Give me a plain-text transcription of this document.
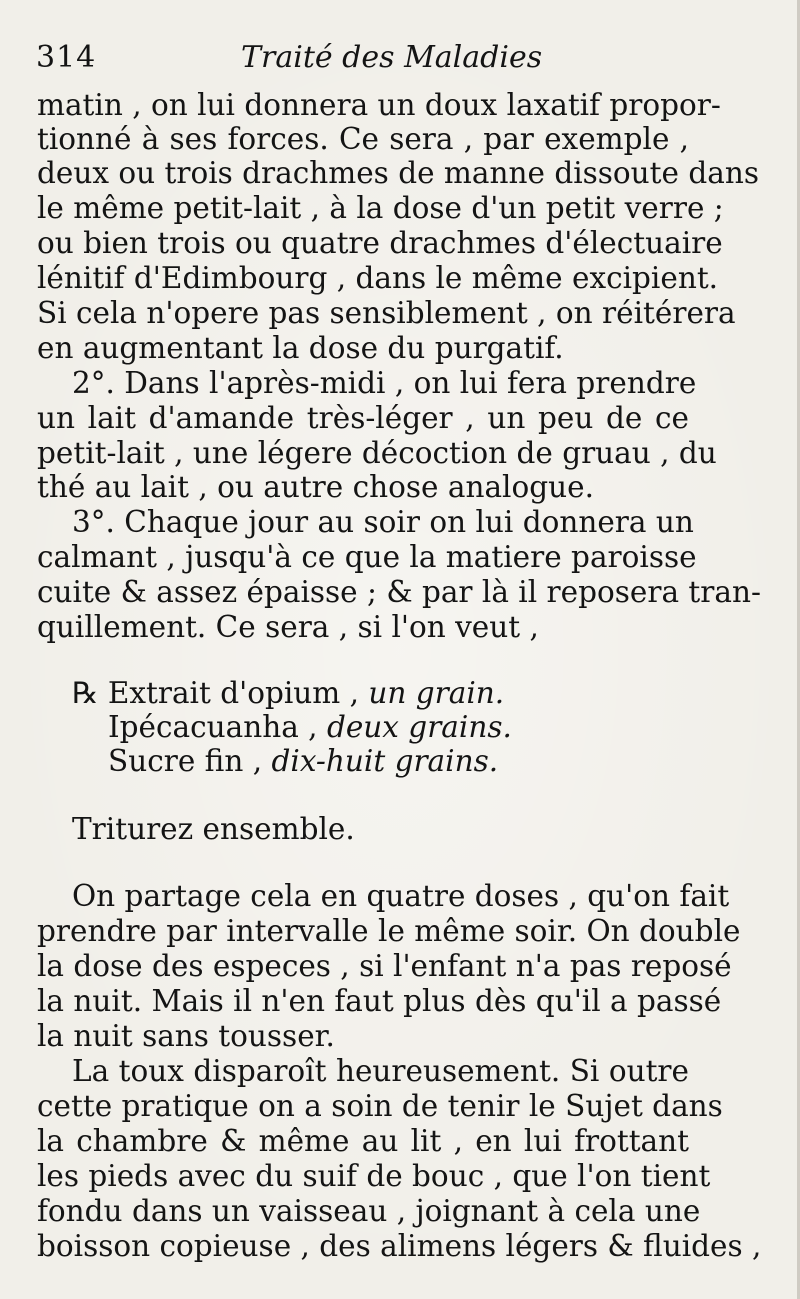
314	Traité des Maladies
matin , on lui donnera un doux laxatif propor-
tionné à ses forces. Ce sera , par exemple ,
deux ou trois drachmes de manne dissoute dans
le même petit-lait , à la dose d'un petit verre ;
ou bien trois ou quatre drachmes d'électuaire
lénitif d'Edimbourg , dans le même excipient.
Si cela n'opere pas sensiblement , on réitérera
en augmentant la dose du purgatif.
2°. Dans l'après-midi , on lui fera prendre
un lait d'amande très-léger , un peu de ce
petit-lait , une légere décoction de gruau , du
thé au lait , ou autre chose analogue.
3°. Chaque jour au soir on lui donnera un
calmant , jusqu'à ce que la matiere paroisse
cuite & assez épaisse ; & par là il reposera tran-
quillement. Ce sera , si l'on veut ,
℞ Extrait d'opium , un grain.
Ipécacuanha , deux grains.
Sucre fin , dix-huit grains.
Triturez ensemble.
On partage cela en quatre doses , qu'on fait
prendre par intervalle le même soir. On double
la dose des especes , si l'enfant n'a pas reposé
la nuit. Mais il n'en faut plus dès qu'il a passé
la nuit sans tousser.
La toux disparoît heureusement. Si outre
cette pratique on a soin de tenir le Sujet dans
la chambre & même au lit , en lui frottant
les pieds avec du suif de bouc , que l'on tient
fondu dans un vaisseau , joignant à cela une
boisson copieuse , des alimens légers & fluides ,
